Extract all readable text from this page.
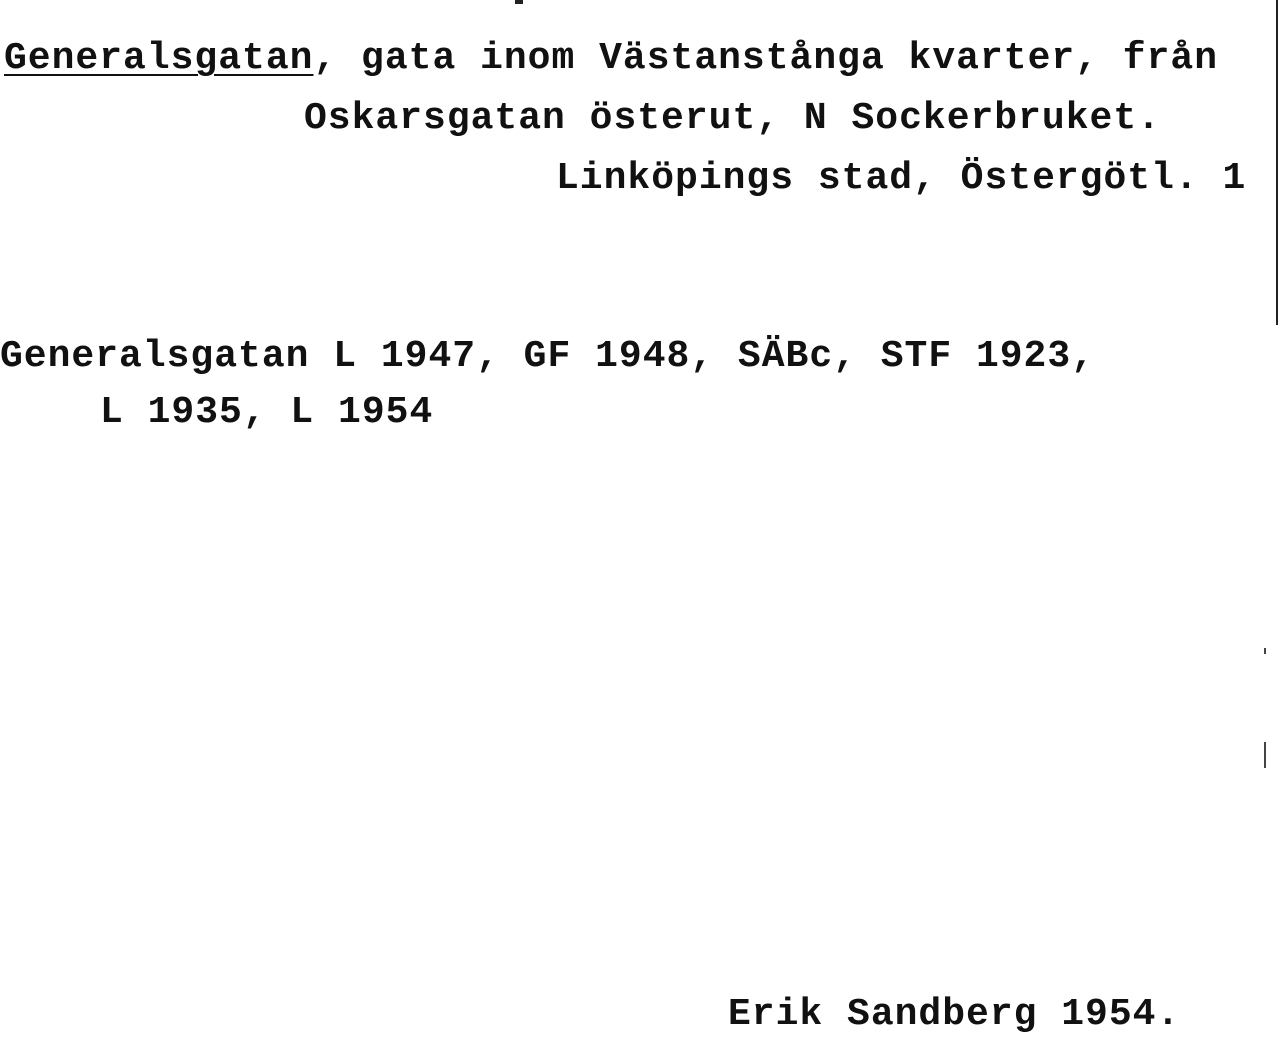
Generalsgatan, gata inom Västanstånga kvarter, från
Oskarsgatan österut, N Sockerbruket.
Linköpings stad, Östergötl. 1
Generalsgatan L 1947, GF 1948, SÄBc, STF 1923,
L 1935, L 1954
Erik Sandberg 1954.
